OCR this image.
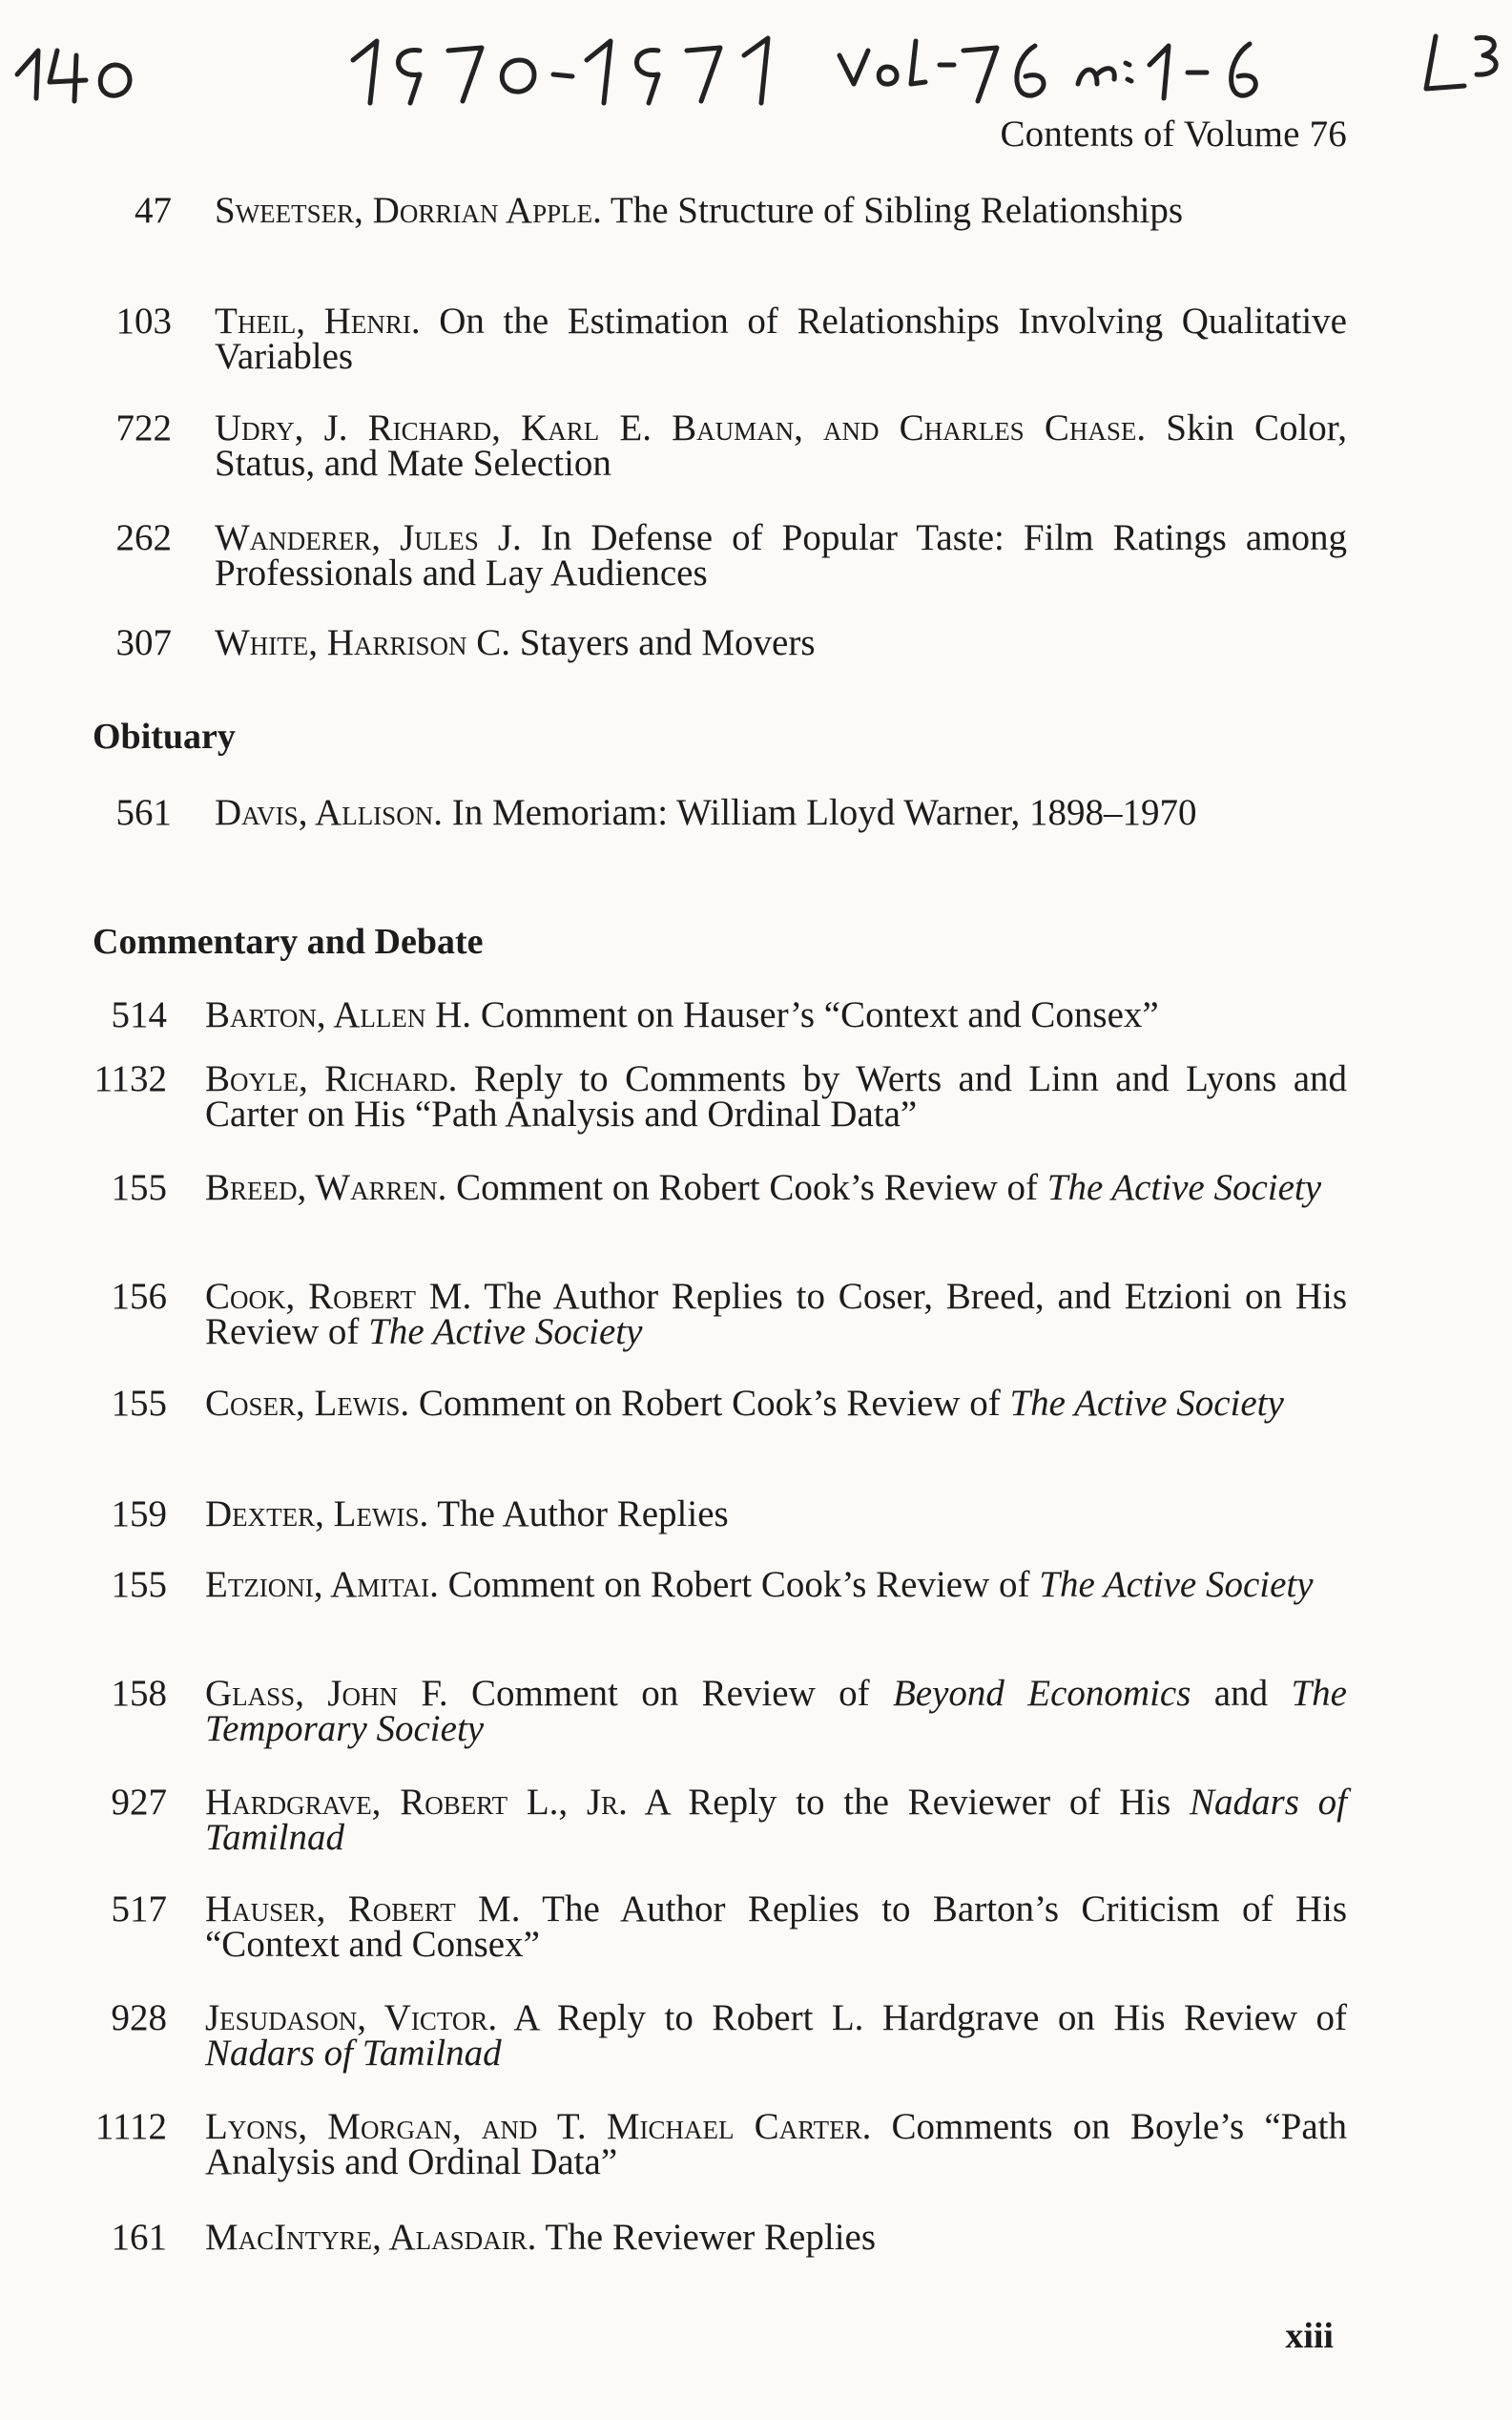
Contents of Volume 76
47 Sweetser, Dorrian Apple. The Structure of Sibling Relationships
103 Theil, Henri. On the Estimation of Relationships Involving Qualitative Variables
722 Udry, J. Richard, Karl E. Bauman, and Charles Chase. Skin Color, Status, and Mate Selection
262 Wanderer, Jules J. In Defense of Popular Taste: Film Ratings among Professionals and Lay Audiences
307 White, Harrison C. Stayers and Movers
Obituary
561 Davis, Allison. In Memoriam: William Lloyd Warner, 1898–1970
Commentary and Debate
514 Barton, Allen H. Comment on Hauser’s “Context and Consex”
1132 Boyle, Richard. Reply to Comments by Werts and Linn and Lyons and Carter on His “Path Analysis and Ordinal Data”
155 Breed, Warren. Comment on Robert Cook’s Review of The Active Society
156 Cook, Robert M. The Author Replies to Coser, Breed, and Etzioni on His Review of The Active Society
155 Coser, Lewis. Comment on Robert Cook’s Review of The Active Society
159 Dexter, Lewis. The Author Replies
155 Etzioni, Amitai. Comment on Robert Cook’s Review of The Active Society
158 Glass, John F. Comment on Review of Beyond Economics and The Temporary Society
927 Hardgrave, Robert L., Jr. A Reply to the Reviewer of His Nadars of Tamilnad
517 Hauser, Robert M. The Author Replies to Barton’s Criticism of His “Context and Consex”
928 Jesudason, Victor. A Reply to Robert L. Hardgrave on His Review of Nadars of Tamilnad
1112 Lyons, Morgan, and T. Michael Carter. Comments on Boyle’s “Path Analysis and Ordinal Data”
161 MacIntyre, Alasdair. The Reviewer Replies
xiii
